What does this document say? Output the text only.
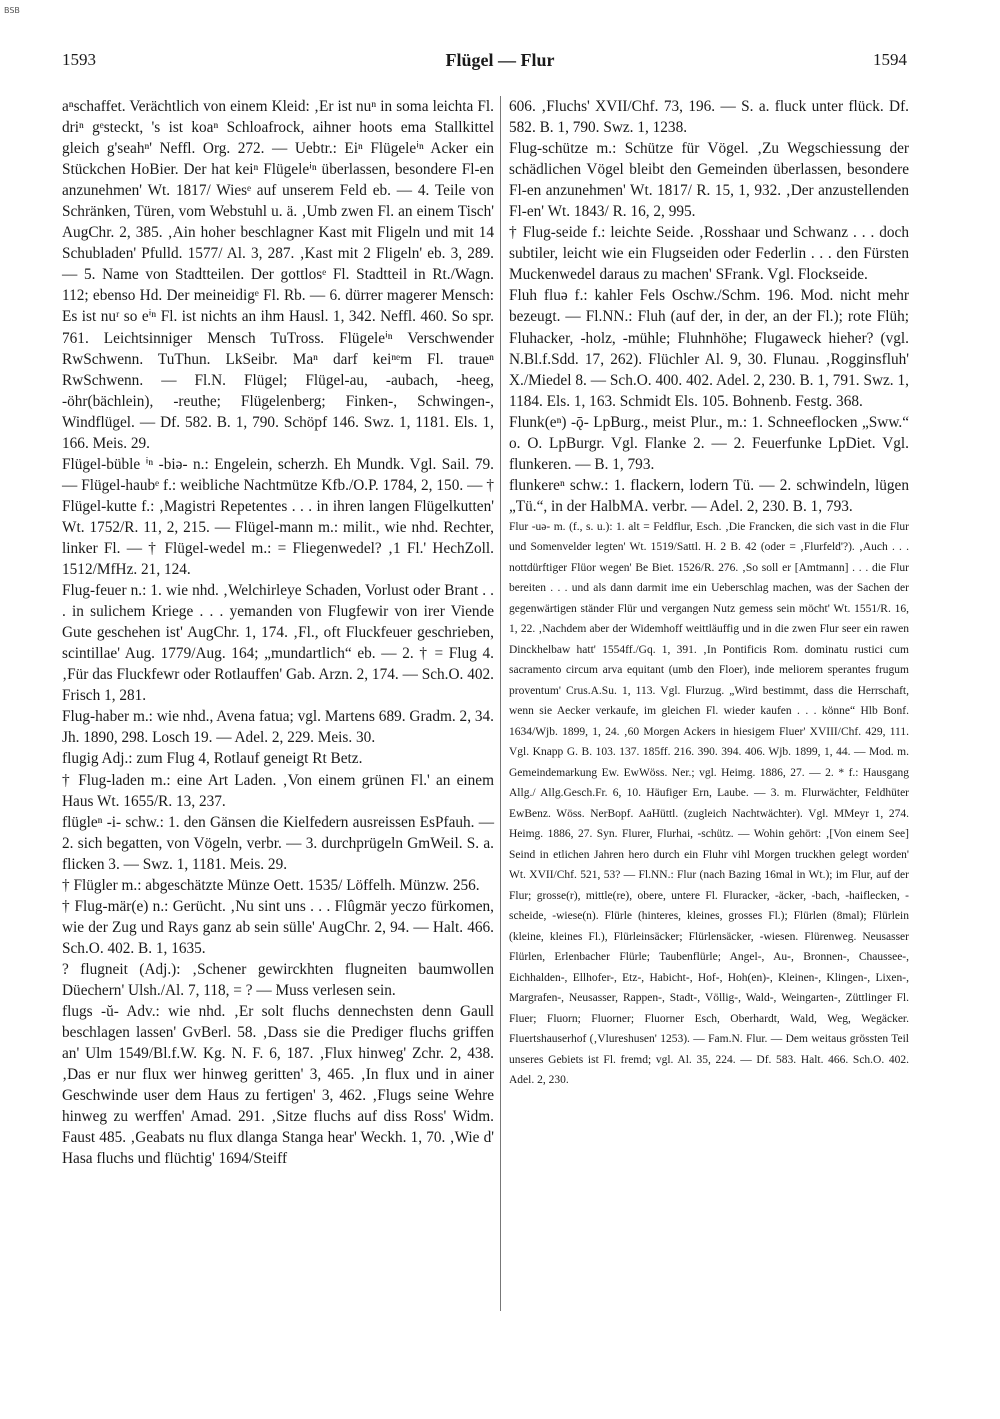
BSB
1593	Flügel — Flur	1594

aⁿschaffet. Verächtlich von einem Kleid: ‚Er ist nuⁿ in soma leichta Fl. driⁿ gᵉsteckt, 's ist koaⁿ Schloafrock, aihner hoots ema Stallkittel gleich g'seahⁿ' Neffl. Org. 272. — Uebtr.: Eiⁿ Flügeleⁱⁿ Acker ein Stückchen HoBier. Der hat keiⁿ Flügeleⁱⁿ überlassen, besondere Fl-en anzunehmen' Wt. 1817/ Wiesᵉ auf unserem Feld eb. — 4. Teile von Schränken, Türen, vom Webstuhl u. ä. ‚Umb zwen Fl. an einem Tisch' AugChr. 2, 385. ‚Ain hoher beschlagner Kast mit Fligeln und mit 14 Schubladen' Pfulld. 1577/ Al. 3, 287. ‚Kast mit 2 Fligeln' eb. 3, 289. — 5. Name von Stadtteilen. Der gottlosᵉ Fl. Stadtteil in Rt./Wagn. 112; ebenso Hd. Der meineidigᵉ Fl. Rb. — 6. dürrer magerer Mensch: Es ist nuʳ so eⁱⁿ Fl. ist nichts an ihm Hausl. 1, 342. Neffl. 460. So spr. 761. Leichtsinniger Mensch TuTross. Flügeleⁱⁿ Verschwender RwSchwenn. TuThun. LkSeibr. Maⁿ darf keiⁿᵉm Fl. traueⁿ RwSchwenn. — Fl.N. Flügel; Flügel-au, -aubach, -heeg, -öhr(bächlein), -reuthe; Flügelenberg; Finken-, Schwingen-, Windflügel. — Df. 582. B. 1, 790. Schöpf 146. Swz. 1, 1181. Els. 1, 166. Meis. 29.

Flügel-büble ⁱⁿ -biə- n.: Engelein, scherzh. Eh Mundk. Vgl. Sail. 79. — Flügel-haubᵉ f.: weibliche Nachtmütze Kfb./O.P. 1784, 2, 150. — † Flügel-kutte f.: ‚Magistri Repetentes . . . in ihren langen Flügelkutten' Wt. 1752/R. 11, 2, 215. — Flügel-mann m.: milit., wie nhd. Rechter, linker Fl. — † Flügel-wedel m.: = Fliegenwedel? ‚1 Fl.' HechZoll. 1512/MfHz. 21, 124.

Flug-feuer n.: 1. wie nhd. ‚Welchirleye Schaden, Vorlust oder Brant . . . in sulichem Kriege . . . yemanden von Flugfewir von irer Viende Gute geschehen ist' AugChr. 1, 174. ‚Fl., oft Fluckfeuer geschrieben, scintillae' Aug. 1779/Aug. 164; „mundartlich“ eb. — 2. † = Flug 4. ‚Für das Fluckfewr oder Rotlauffen' Gab. Arzn. 2, 174. — Sch.O. 402. Frisch 1, 281.

Flug-haber m.: wie nhd., Avena fatua; vgl. Martens 689. Gradm. 2, 34. Jh. 1890, 298. Losch 19. — Adel. 2, 229. Meis. 30.

flugig Adj.: zum Flug 4, Rotlauf geneigt Rt Betz.

† Flug-laden m.: eine Art Laden. ‚Von einem grünen Fl.' an einem Haus Wt. 1655/R. 13, 237.

flügleⁿ -i- schw.: 1. den Gänsen die Kielfedern ausreissen EsPfauh. — 2. sich begatten, von Vögeln, verbr. — 3. durchprügeln GmWeil. S. a. flicken 3. — Swz. 1, 1181. Meis. 29.

† Flügler m.: abgeschätzte Münze Oett. 1535/ Löffelh. Münzw. 256.

† Flug-mär(e) n.: Gerücht. ‚Nu sint uns . . . Flûgmär yeczo fürkomen, wie der Zug und Rays ganz ab sein sülle' AugChr. 2, 94. — Halt. 466. Sch.O. 402. B. 1, 1635.

? flugneit (Adj.): ‚Schener gewirckhten flugneiten baumwollen Düechern' Ulsh./Al. 7, 118, = ? — Muss verlesen sein.

flugs -ŭ- Adv.: wie nhd. ‚Er solt fluchs dennechsten denn Gaull beschlagen lassen' GvBerl. 58. ‚Dass sie die Prediger fluchs griffen an' Ulm 1549/Bl.f.W. Kg. N. F. 6, 187. ‚Flux hinweg' Zchr. 2, 438. ‚Das er nur flux wer hinweg geritten' 3, 465. ‚In flux und in ainer Geschwinde user dem Haus zu fertigen' 3, 462. ‚Flugs seine Wehre hinweg zu werffen' Amad. 291. ‚Sitze fluchs auf diss Ross' Widm. Faust 485. ‚Geabats nu flux dlanga Stanga hear' Weckh. 1, 70. ‚Wie d' Hasa fluchs und flüchtig' 1694/Steiff

606. ‚Fluchs' XVII/Chf. 73, 196. — S. a. fluck unter flück. Df. 582. B. 1, 790. Swz. 1, 1238.

Flug-schütze m.: Schütze für Vögel. ‚Zu Wegschiessung der schädlichen Vögel bleibt den Gemeinden überlassen, besondere Fl-en anzunehmen' Wt. 1817/ R. 15, 1, 932. ‚Der anzustellenden Fl-en' Wt. 1843/ R. 16, 2, 995.

† Flug-seide f.: leichte Seide. ‚Rosshaar und Schwanz . . . doch subtiler, leicht wie ein Flugseiden oder Federlin . . . den Fürsten Muckenwedel daraus zu machen' SFrank. Vgl. Flockseide.

Fluh fluə f.: kahler Fels Oschw./Schm. 196. Mod. nicht mehr bezeugt. — Fl.NN.: Fluh (auf der, in der, an der Fl.); rote Flüh; Fluhacker, -holz, -mühle; Fluhnhöhe; Flugaweck hieher? (vgl. N.Bl.f.Sdd. 17, 262). Flüchler Al. 9, 30. Flunau. ‚Rogginsfluh' X./Miedel 8. — Sch.O. 400. 402. Adel. 2, 230. B. 1, 791. Swz. 1, 1184. Els. 1, 163. Schmidt Els. 105. Bohnenb. Festg. 368.

Flunk(eⁿ) -ǭ- LpBurg., meist Plur., m.: 1. Schneeflocken „Sww.“ o. O. LpBurgr. Vgl. Flanke 2. — 2. Feuerfunke LpDiet. Vgl. flunkeren. — B. 1, 793.

flunkereⁿ schw.: 1. flackern, lodern Tü. — 2. schwindeln, lügen „Tü.“, in der HalbMA. verbr. — Adel. 2, 230. B. 1, 793.

Flur -uə- m. (f., s. u.): 1. alt = Feldflur, Esch. ‚Die Francken, die sich vast in die Flur und Somenvelder legten' Wt. 1519/Sattl. H. 2 B. 42 (oder = ‚Flurfeld'?). ‚Auch . . . nottdürftiger Flüor wegen' Be Biet. 1526/R. 276. ‚So soll er [Amtmann] . . . die Flur bereiten . . . und als dann darmit ime ein Ueberschlag machen, was der Sachen der gegenwärtigen ständer Flür und vergangen Nutz gemess sein möcht' Wt. 1551/R. 16, 1, 22. ‚Nachdem aber der Widemhoff weittläuffig und in die zwen Flur seer ein rawen Dinckhelbaw hatt' 1554ff./Gq. 1, 391. ‚In Pontificis Rom. dominatu rustici cum sacramento circum arva equitant (umb den Floer), inde meliorem sperantes frugum proventum' Crus.A.Su. 1, 113. Vgl. Flurzug. „Wird bestimmt, dass die Herrschaft, wenn sie Aecker verkaufe, im gleichen Fl. wieder kaufen . . . könne“ Hlb Bonf. 1634/Wjb. 1899, 1, 24. ‚60 Morgen Ackers in hiesigem Fluer' XVIII/Chf. 429, 111. Vgl. Knapp G. B. 103. 137. 185ff. 216. 390. 394. 406. Wjb. 1899, 1, 44. — Mod. m. Gemeindemarkung Ew. EwWöss. Ner.; vgl. Heimg. 1886, 27. — 2. * f.: Hausgang Allg./ Allg.Gesch.Fr. 6, 10. Häufiger Ern, Laube. — 3. m. Flurwächter, Feldhüter EwBenz. Wöss. NerBopf. AaHüttl. (zugleich Nachtwächter). Vgl. MMeyr 1, 274. Heimg. 1886, 27. Syn. Flurer, Flurhai, -schütz. — Wohin gehört: ‚[Von einem See] Seind in etlichen Jahren hero durch ein Fluhr vihl Morgen truckhen gelegt worden' Wt. XVII/Chf. 521, 53? — Fl.NN.: Flur (nach Bazing 16mal in Wt.); im Flur, auf der Flur; grosse(r), mittle(re), obere, untere Fl. Fluracker, -äcker, -bach, -haiflecken, -scheide, -wiese(n). Flürle (hinteres, kleines, grosses Fl.); Flürlen (8mal); Flürlein (kleine, kleines Fl.), Flürleinsäcker; Flürlensäcker, -wiesen. Flürenweg. Neusasser Flürlen, Erlenbacher Flürle; Taubenflürle; Angel-, Au-, Bronnen-, Chaussee-, Eichhalden-, Ellhofer-, Etz-, Habicht-, Hof-, Hoh(en)-, Kleinen-, Klingen-, Lixen-, Margrafen-, Neusasser, Rappen-, Stadt-, Völlig-, Wald-, Weingarten-, Züttlinger Fl. Fluer; Fluorn; Fluorner; Fluorner Esch, Oberhardt, Wald, Weg, Wegäcker. Fluertshauserhof (‚Vlureshusen' 1253). — Fam.N. Flur. — Dem weitaus grössten Teil unseres Gebiets ist Fl. fremd; vgl. Al. 35, 224. — Df. 583. Halt. 466. Sch.O. 402. Adel. 2, 230.
